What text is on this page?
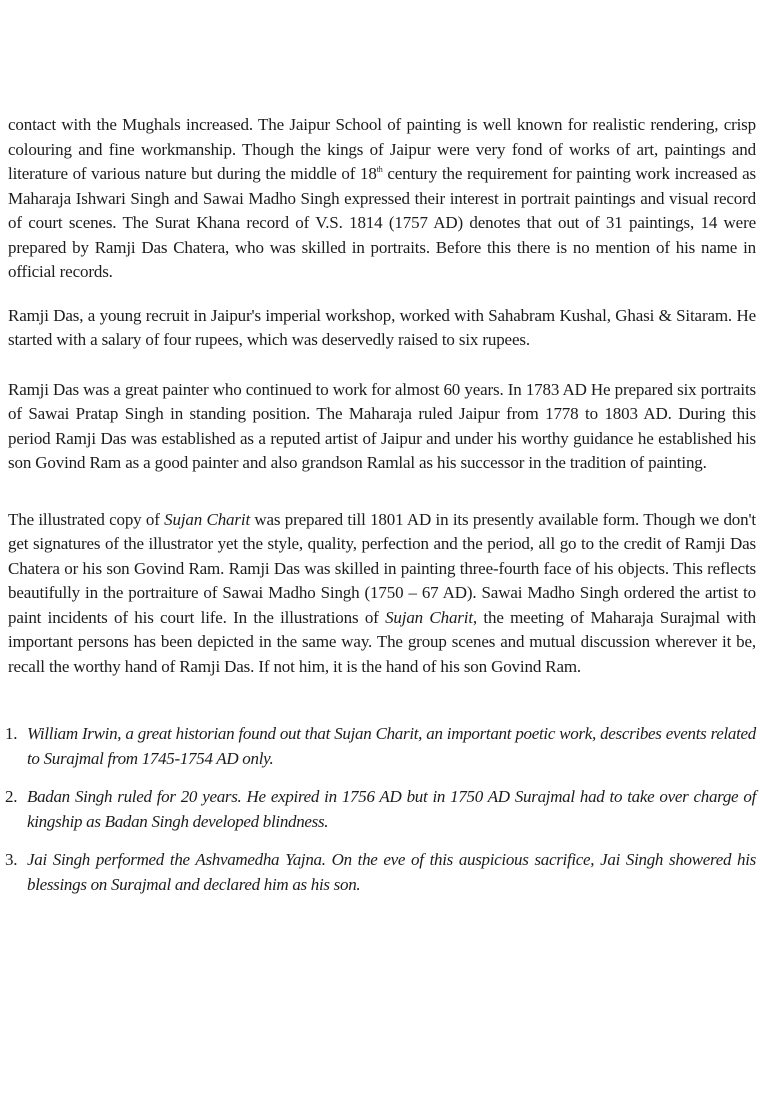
contact with the Mughals increased. The Jaipur School of painting is well known for realistic rendering, crisp colouring and fine workmanship. Though the kings of Jaipur were very fond of works of art, paintings and literature of various nature but during the middle of 18th century the requirement for painting work increased as Maharaja Ishwari Singh and Sawai Madho Singh expressed their interest in portrait paintings and visual record of court scenes. The Surat Khana record of V.S. 1814 (1757 AD) denotes that out of 31 paintings, 14 were prepared by Ramji Das Chatera, who was skilled in portraits. Before this there is no mention of his name in official records.

Ramji Das, a young recruit in Jaipur's imperial workshop, worked with Sahabram Kushal, Ghasi & Sitaram. He started with a salary of four rupees, which was deservedly raised to six rupees.

Ramji Das was a great painter who continued to work for almost 60 years. In 1783 AD He prepared six portraits of Sawai Pratap Singh in standing position. The Maharaja ruled Jaipur from 1778 to 1803 AD. During this period Ramji Das was established as a reputed artist of Jaipur and under his worthy guidance he established his son Govind Ram as a good painter and also grandson Ramlal as his successor in the tradition of painting.

The illustrated copy of Sujan Charit was prepared till 1801 AD in its presently available form. Though we don't get signatures of the illustrator yet the style, quality, perfection and the period, all go to the credit of Ramji Das Chatera or his son Govind Ram. Ramji Das was skilled in painting three-fourth face of his objects. This reflects beautifully in the portraiture of Sawai Madho Singh (1750 – 67 AD). Sawai Madho Singh ordered the artist to paint incidents of his court life. In the illustrations of Sujan Charit, the meeting of Maharaja Surajmal with important persons has been depicted in the same way. The group scenes and mutual discussion wherever it be, recall the worthy hand of Ramji Das. If not him, it is the hand of his son Govind Ram.

1. William Irwin, a great historian found out that Sujan Charit, an important poetic work, describes events related to Surajmal from 1745-1754 AD only.

2. Badan Singh ruled for 20 years. He expired in 1756 AD but in 1750 AD Surajmal had to take over charge of kingship as Badan Singh developed blindness.

3. Jai Singh performed the Ashvamedha Yajna. On the eve of this auspicious sacrifice, Jai Singh showered his blessings on Surajmal and declared him as his son.
